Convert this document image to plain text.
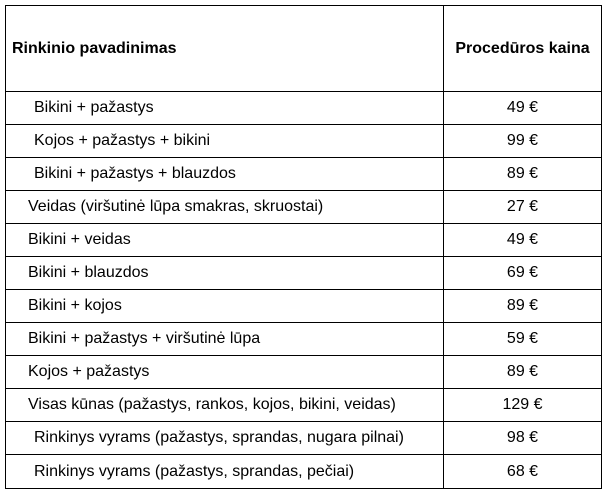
Rinkinio pavadinimas	Procedūros kaina
Bikini + pažastys	49 €
Kojos + pažastys + bikini	99 €
Bikini + pažastys + blauzdos	89 €
Veidas (viršutinė lūpa smakras, skruostai)	27 €
Bikini + veidas	49 €
Bikini + blauzdos	69 €
Bikini + kojos	89 €
Bikini + pažastys + viršutinė lūpa	59 €
Kojos + pažastys	89 €
Visas kūnas (pažastys, rankos, kojos, bikini, veidas)	129 €
Rinkinys vyrams (pažastys, sprandas, nugara pilnai)	98 €
Rinkinys vyrams (pažastys, sprandas, pečiai)	68 €
